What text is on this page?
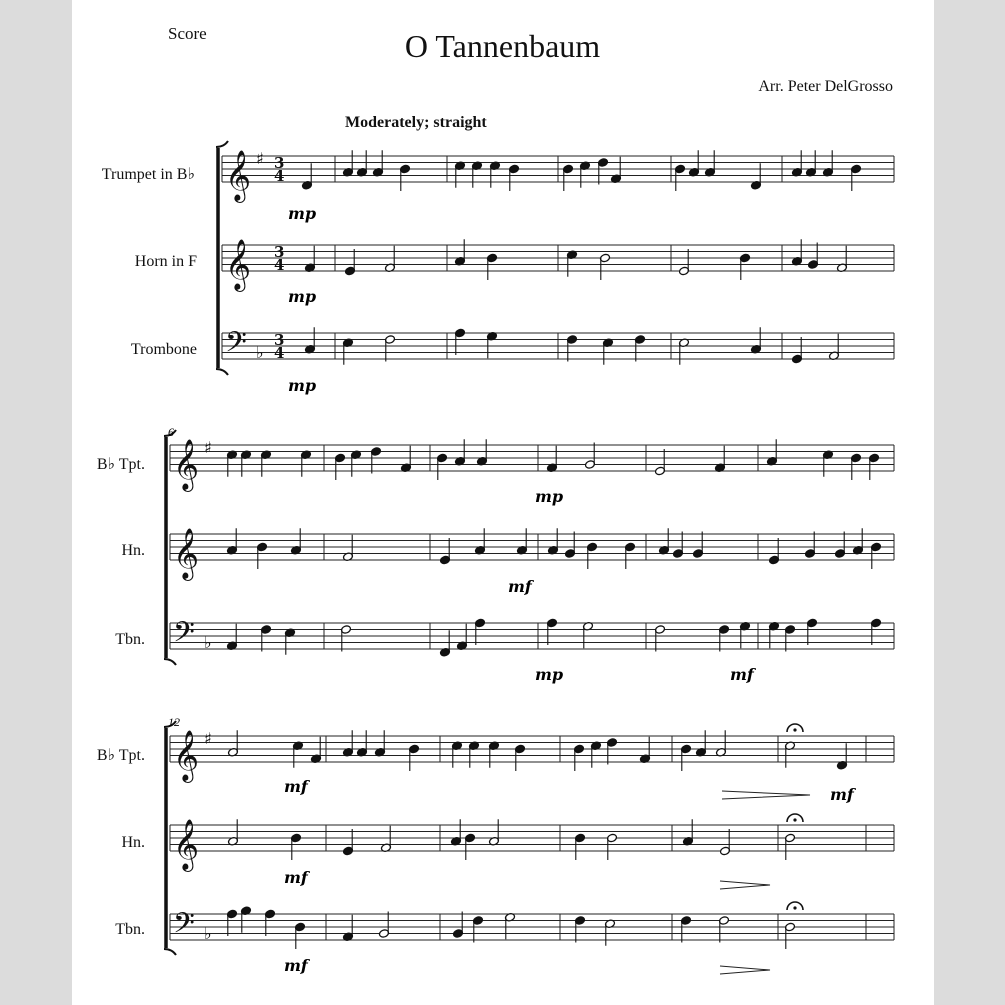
Score	O Tannenbaum
Arr. Peter DelGrosso
Moderately; straight
Trumpet in B♭
Horn in F
Trombone
B♭ Tpt.
Hn.
Tbn.
B♭ Tpt.
Hn.
Tbn.
𝄞 ♯ 3
4
𝄞 3
4
𝄢 ♭
3
4
𝄞 ♯
𝄞
𝄢 ♭
𝄞 ♯
𝄞
𝄢 ♭
mp
mp
mp
6
mp
mf
mp	mf
12
mf	mf
mf
mf
